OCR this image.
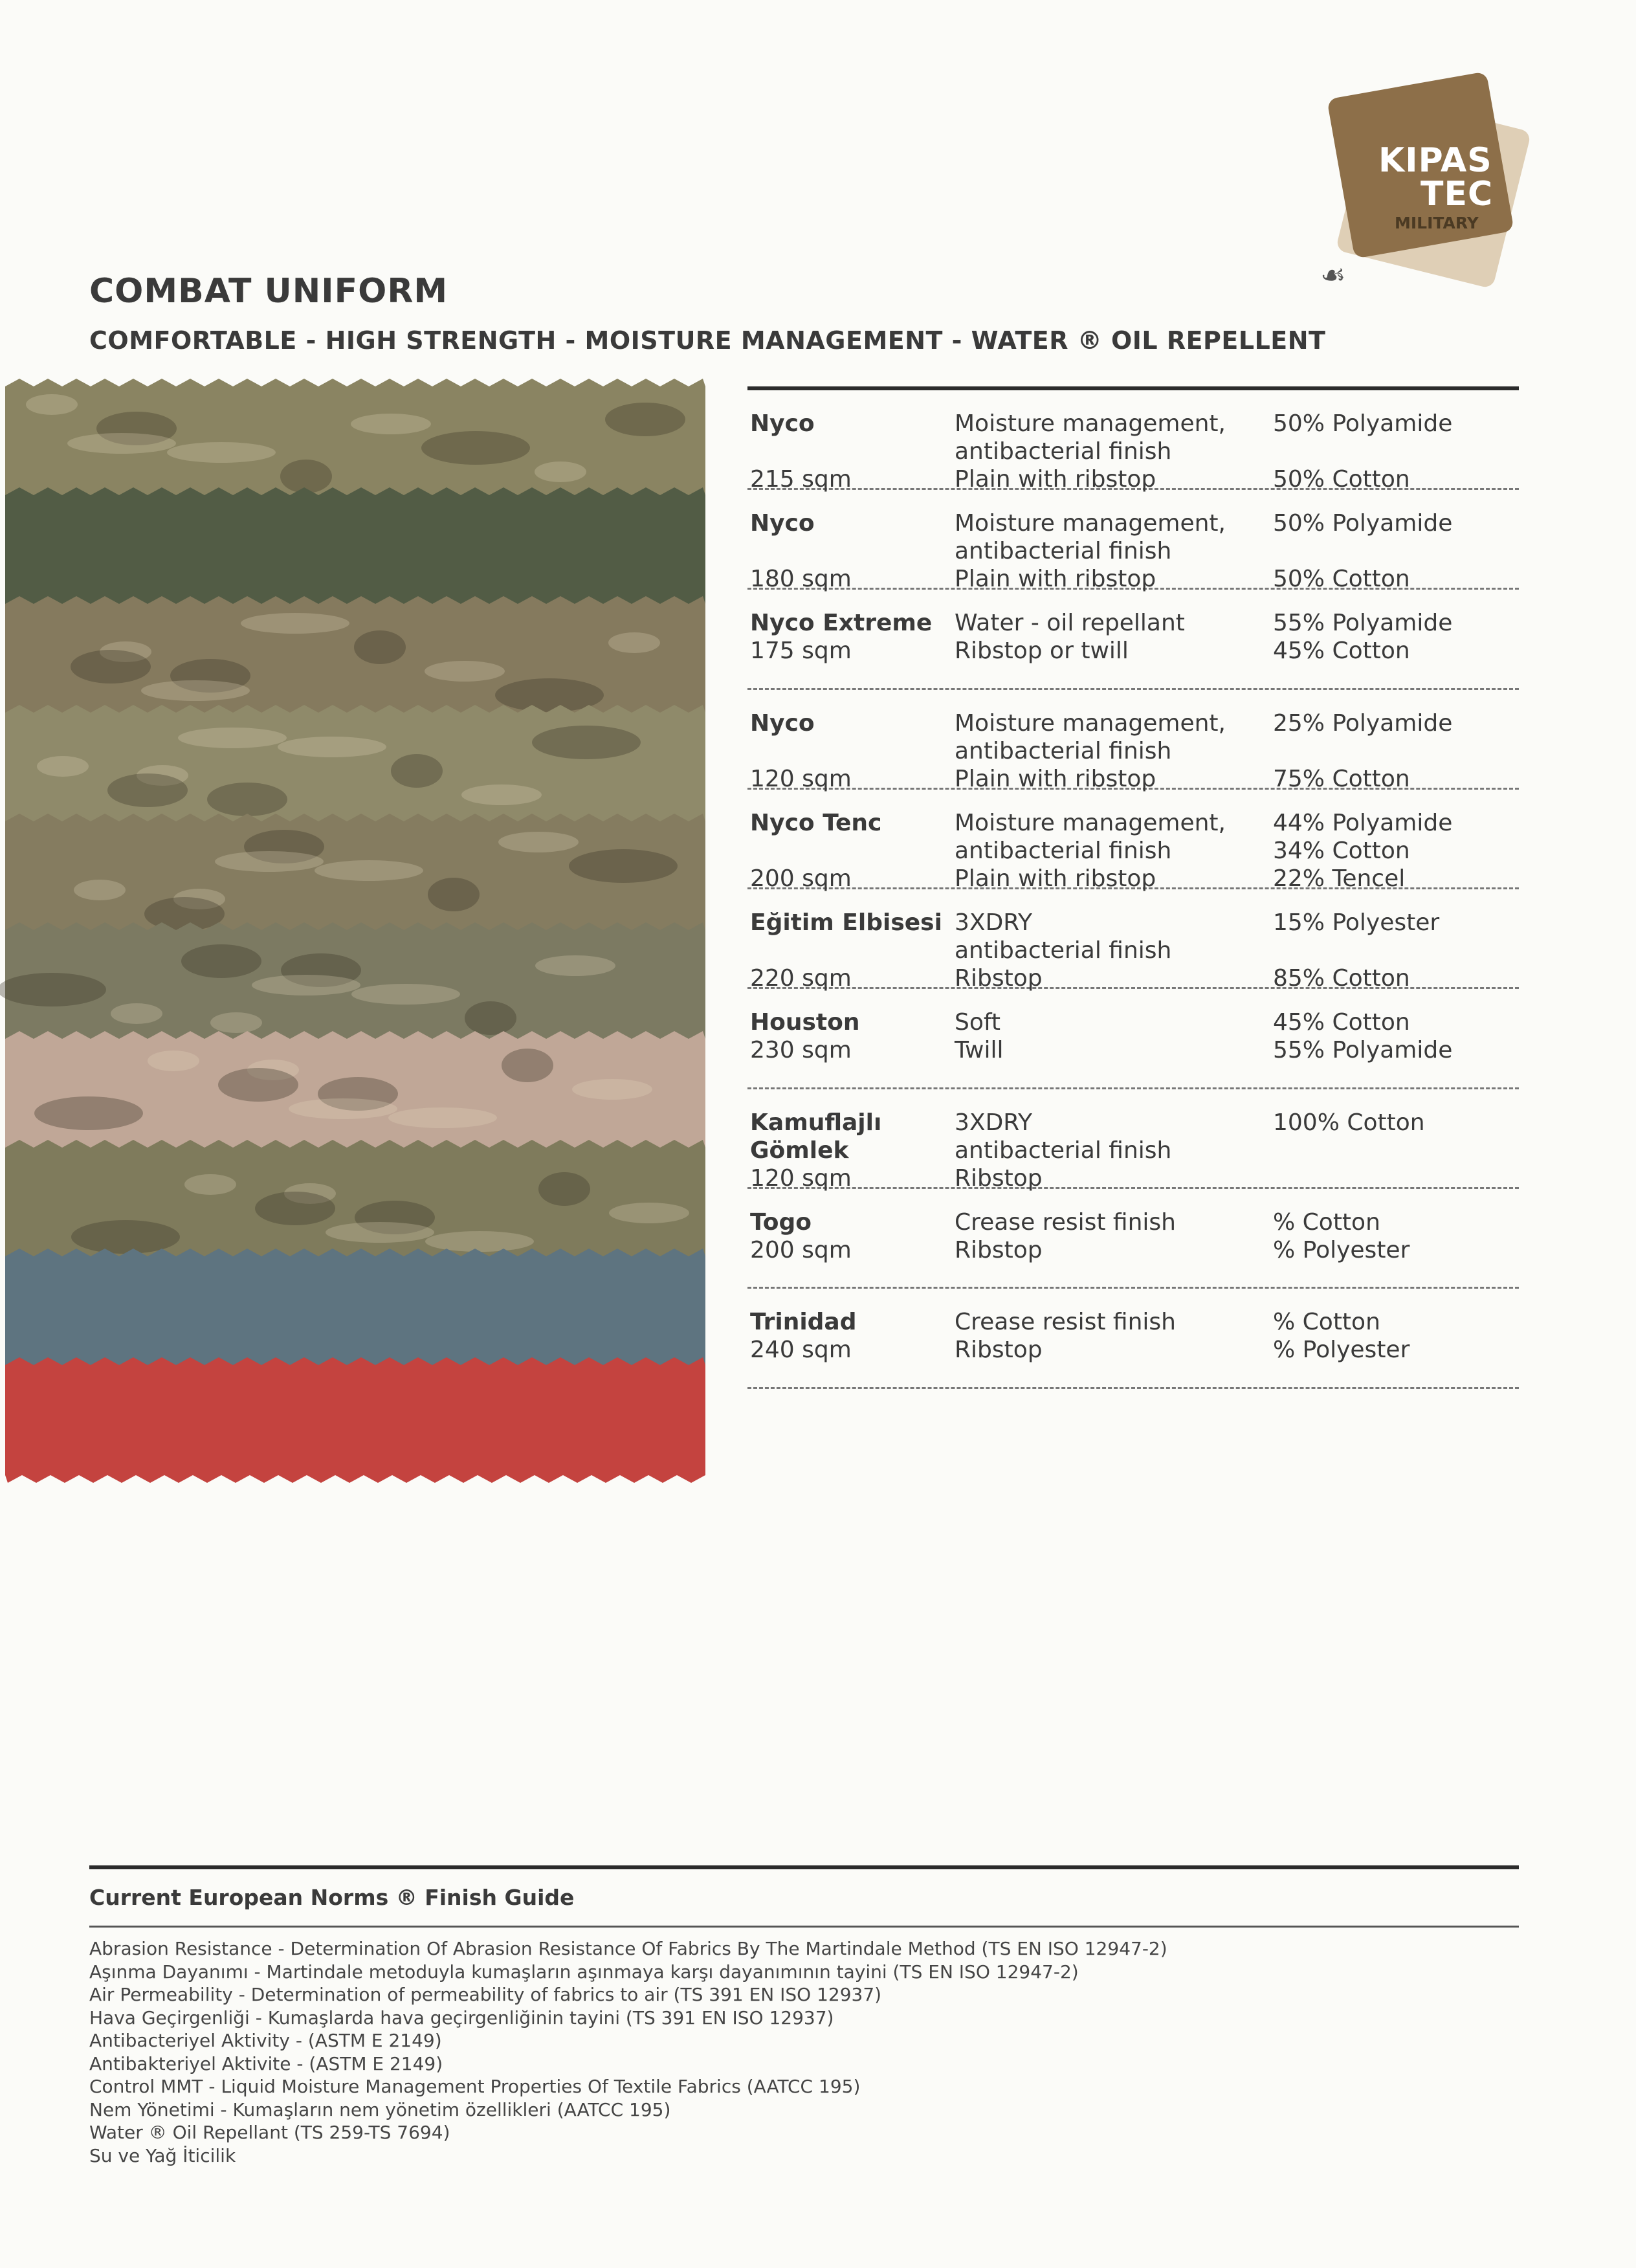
KIPAS
TEC
MILITARY
☙
COMBAT UNIFORM
COMFORTABLE - HIGH STRENGTH - MOISTURE MANAGEMENT - WATER ® OIL REPELLENT
Nyco
215 sqm
Moisture management,
antibacterial finish
Plain with ribstop
50% Polyamide
50% Cotton
Nyco
180 sqm
Moisture management,
antibacterial finish
Plain with ribstop
50% Polyamide
50% Cotton
Nyco Extreme
175 sqm
Water - oil repellant
Ribstop or twill
55% Polyamide
45% Cotton
Nyco
120 sqm
Moisture management,
antibacterial finish
Plain with ribstop
25% Polyamide
75% Cotton
Nyco Tenc
200 sqm
Moisture management,
antibacterial finish
Plain with ribstop
44% Polyamide
34% Cotton
22% Tencel
Eğitim Elbisesi
220 sqm
3XDRY
antibacterial finish
Ribstop
15% Polyester
85% Cotton
Houston
230 sqm
Soft
Twill
45% Cotton
55% Polyamide
Kamuflajlı
Gömlek
120 sqm
3XDRY
antibacterial finish
Ribstop
100% Cotton
Togo
200 sqm
Crease resist finish
Ribstop
% Cotton
% Polyester
Trinidad
240 sqm
Crease resist finish
Ribstop
% Cotton
% Polyester
Current European Norms ® Finish Guide
Abrasion Resistance - Determination Of Abrasion Resistance Of Fabrics By The Martindale Method (TS EN ISO 12947-2)
Aşınma Dayanımı - Martindale metoduyla kumaşların aşınmaya karşı dayanımının tayini (TS EN ISO 12947-2)
Air Permeability - Determination of permeability of fabrics to air (TS 391 EN ISO 12937)
Hava Geçirgenliği - Kumaşlarda hava geçirgenliğinin tayini (TS 391 EN ISO 12937)
Antibacteriyel Aktivity - (ASTM E 2149)
Antibakteriyel Aktivite - (ASTM E 2149)
Control MMT - Liquid Moisture Management Properties Of Textile Fabrics (AATCC 195)
Nem Yönetimi - Kumaşların nem yönetim özellikleri (AATCC 195)
Water ® Oil Repellant (TS 259-TS 7694)
Su ve Yağ İticilik
